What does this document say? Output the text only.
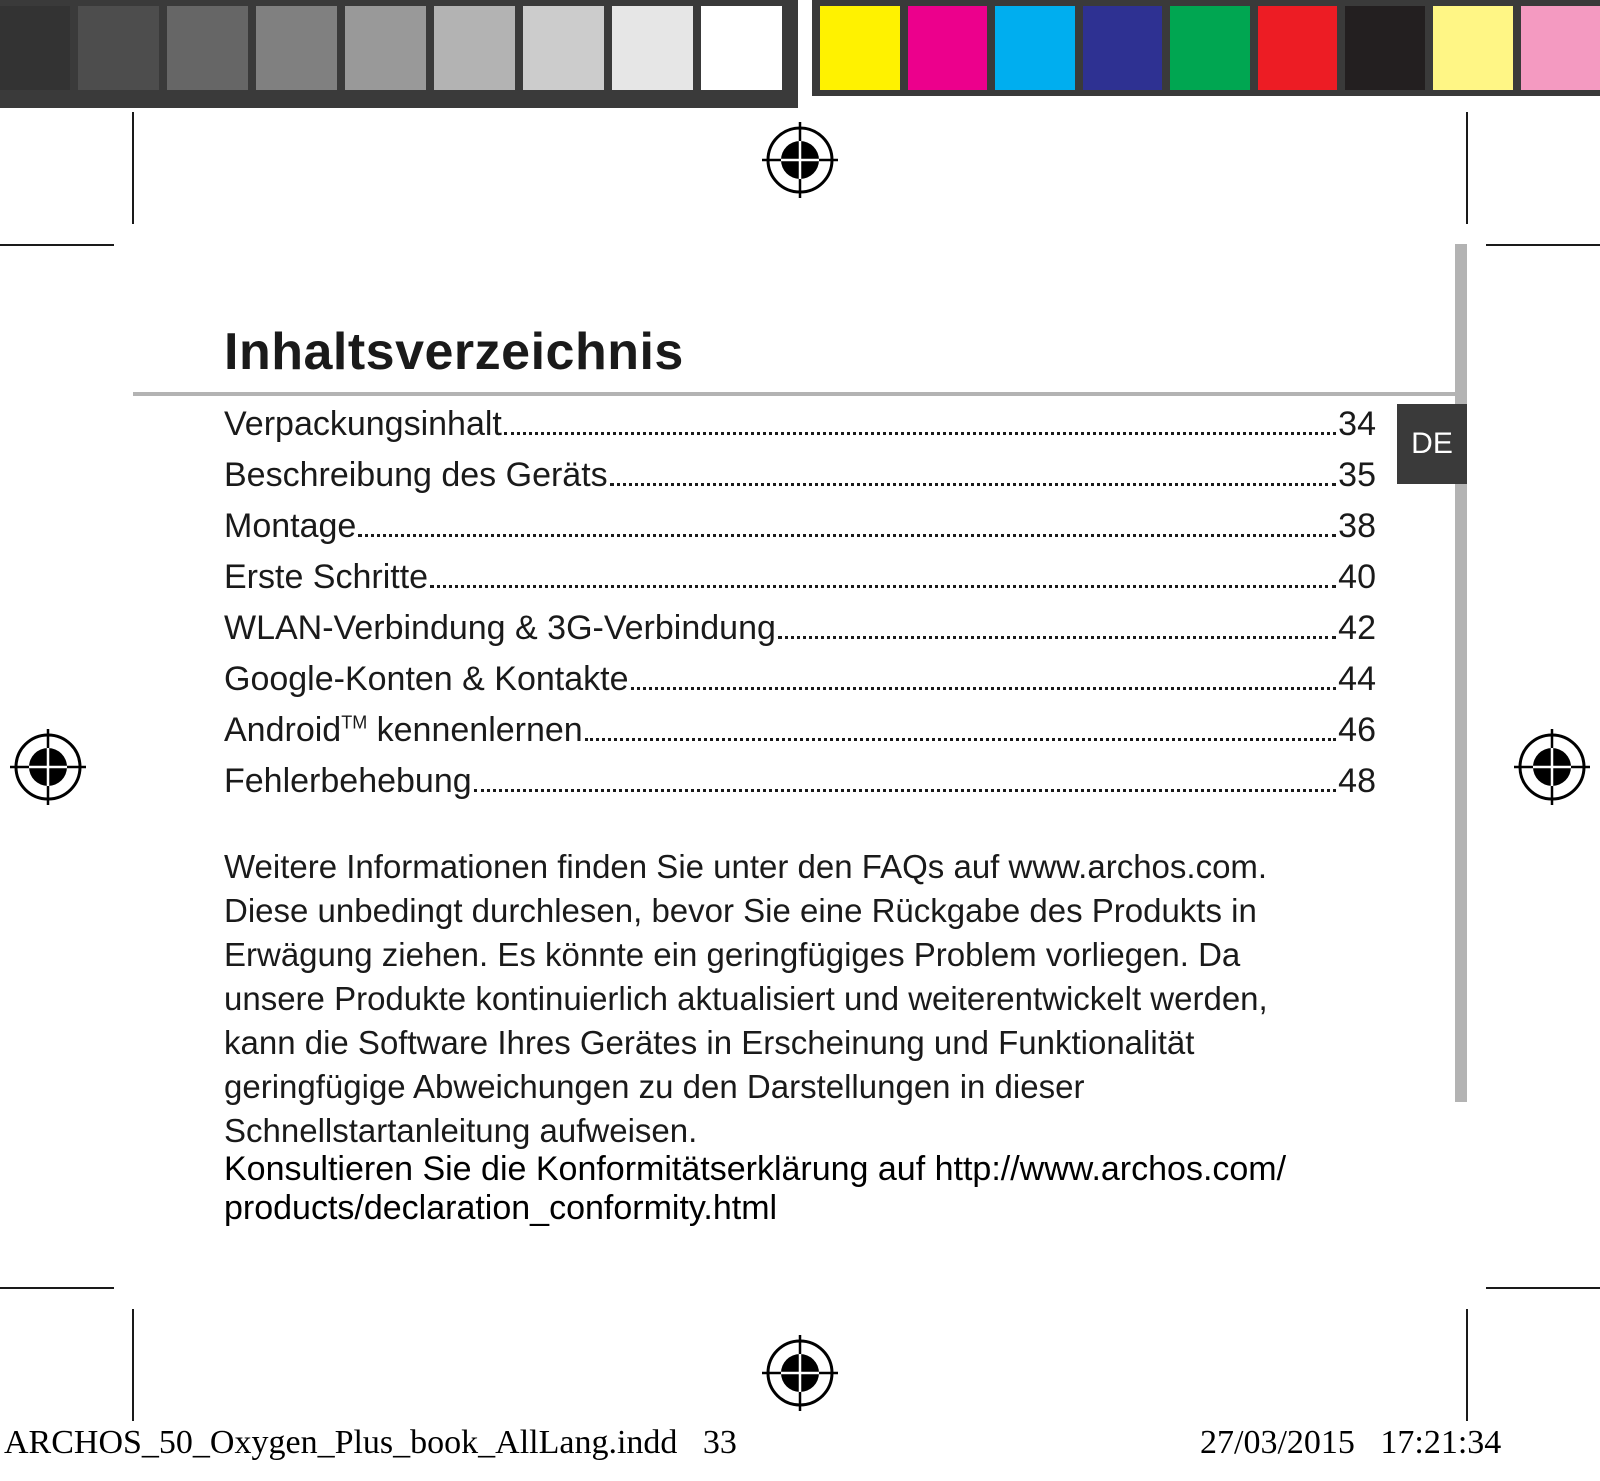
Inhaltsverzeichnis
DE
Verpackungsinhalt	34
Beschreibung des Geräts	35
Montage	38
Erste Schritte	40
WLAN-Verbindung & 3G-Verbindung	42
Google-Konten & Kontakte	44
Android™ kennenlernen	46
Fehlerbehebung	48

Weitere Informationen finden Sie unter den FAQs auf www.archos.com.

Diese unbedingt durchlesen, bevor Sie eine Rückgabe des Produkts in

Erwägung ziehen. Es könnte ein geringfügiges Problem vorliegen. Da

unsere Produkte kontinuierlich aktualisiert und weiterentwickelt werden,

kann die Software Ihres Gerätes in Erscheinung und Funktionalität

geringfügige Abweichungen zu den Darstellungen in dieser

Schnellstartanleitung aufweisen.

Konsultieren Sie die Konformitätserklärung auf http://www.archos.com/
products/declaration_conformity.html
ARCHOS_50_Oxygen_Plus_book_AllLang.indd   33	27/03/2015   17:21:34
